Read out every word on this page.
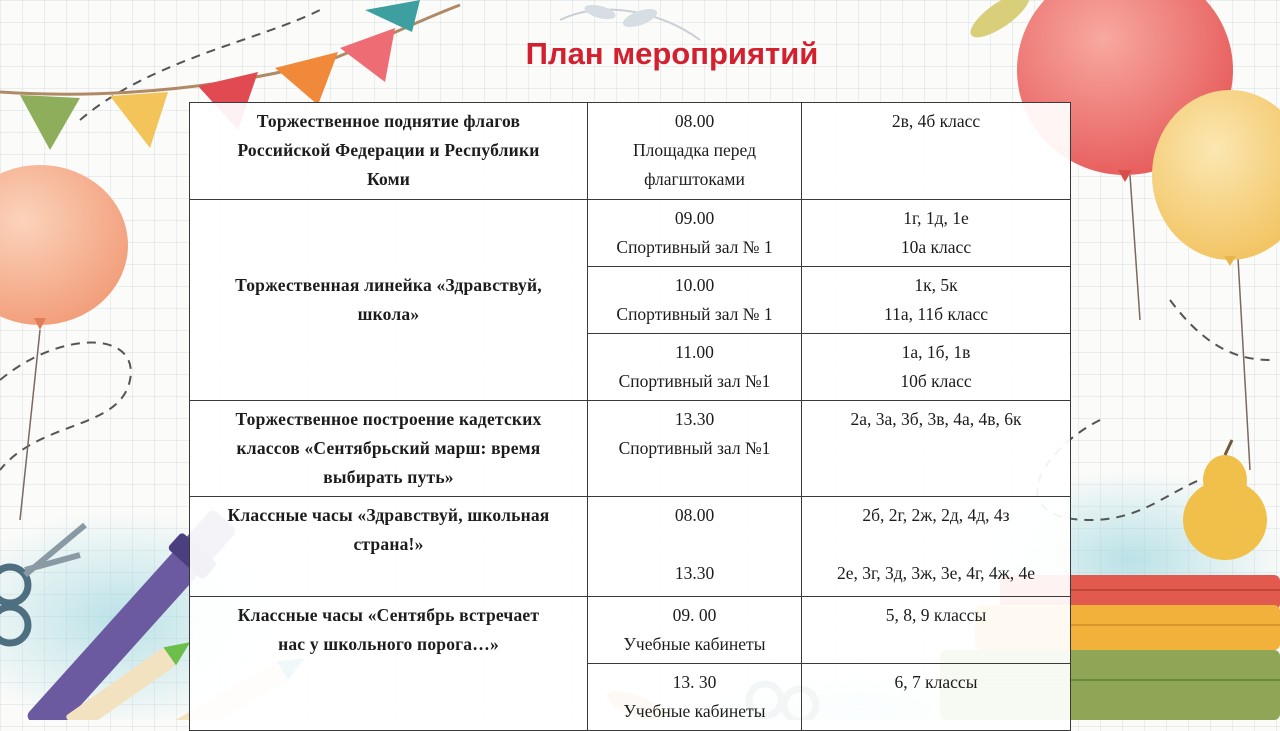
План мероприятий
Торжественное поднятие флагов
Российской Федерации и Республики
Коми	08.00
Площадка перед
флагштоками	2в, 4б класс

Торжественная линейка «Здравствуй,
школа»	09.00
Спортивный зал № 1	1г, 1д, 1е
10а класс

	10.00
Спортивный зал № 1	1к, 5к
11а, 11б класс

	11.00
Спортивный зал №1	1а, 1б, 1в
10б класс

Торжественное построение кадетских
классов «Сентябрьский марш: время
выбирать путь»	13.30
Спортивный зал №1	2а, 3а, 3б, 3в, 4а, 4в, 6к

Классные часы «Здравствуй, школьная
страна!»	08.00
13.30	2б, 2г, 2ж, 2д, 4д, 4з
2е, 3г, 3д, 3ж, 3е, 4г, 4ж, 4е

Классные часы «Сентябрь встречает
нас у школьного порога…»	09. 00
Учебные кабинеты	5, 8, 9 классы

	13. 30
Учебные кабинеты	6, 7 классы
